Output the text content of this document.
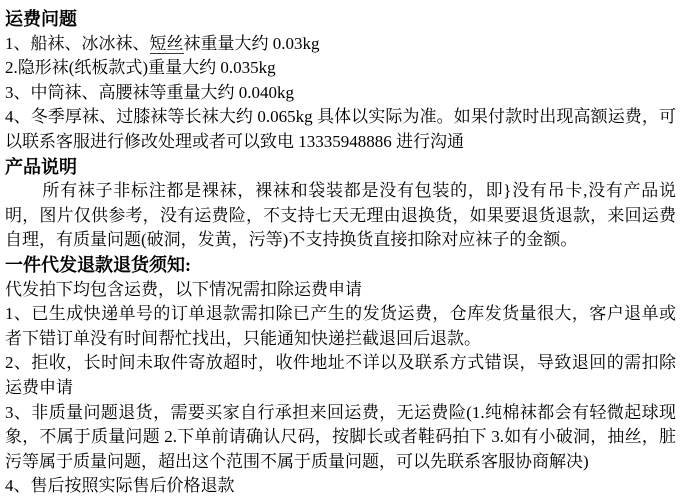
运费问题

1、船袜、冰冰袜、短丝袜重量大约 0.03kg

2.隐形袜(纸板款式)重量大约 0.035kg

3、中筒袜、高腰袜等重量大约 0.040kg

4、冬季厚袜、过膝袜等长袜大约 0.065kg 具体以实际为准。如果付款时出现高额运费，可以联系客服进行修改处理或者可以致电 13335948886 进行沟通

产品说明

所有袜子非标注都是裸袜，裸袜和袋装都是没有包装的，即}没有吊卡,没有产品说明，图片仅供参考，没有运费险，不支持七天无理由退换货，如果要退货退款，来回运费自理，有质量问题(破洞，发黄，污等)不支持换货直接扣除对应袜子的金额。

一件代发退款退货须知:

代发拍下均包含运费，以下情况需扣除运费申请

1、已生成快递单号的订单退款需扣除已产生的发货运费，仓库发货量很大，客户退单或者下错订单没有时间帮忙找出，只能通知快递拦截退回后退款。

2、拒收，长时间未取件寄放超时，收件地址不详以及联系方式错误，导致退回的需扣除运费申请

3、非质量问题退货，需要买家自行承担来回运费，无运费险(1.纯棉袜都会有轻微起球现象，不属于质量问题 2.下单前请确认尺码，按脚长或者鞋码拍下 3.如有小破洞，抽丝，脏污等属于质量问题，超出这个范围不属于质量问题，可以先联系客服协商解决)

4、售后按照实际售后价格退款
